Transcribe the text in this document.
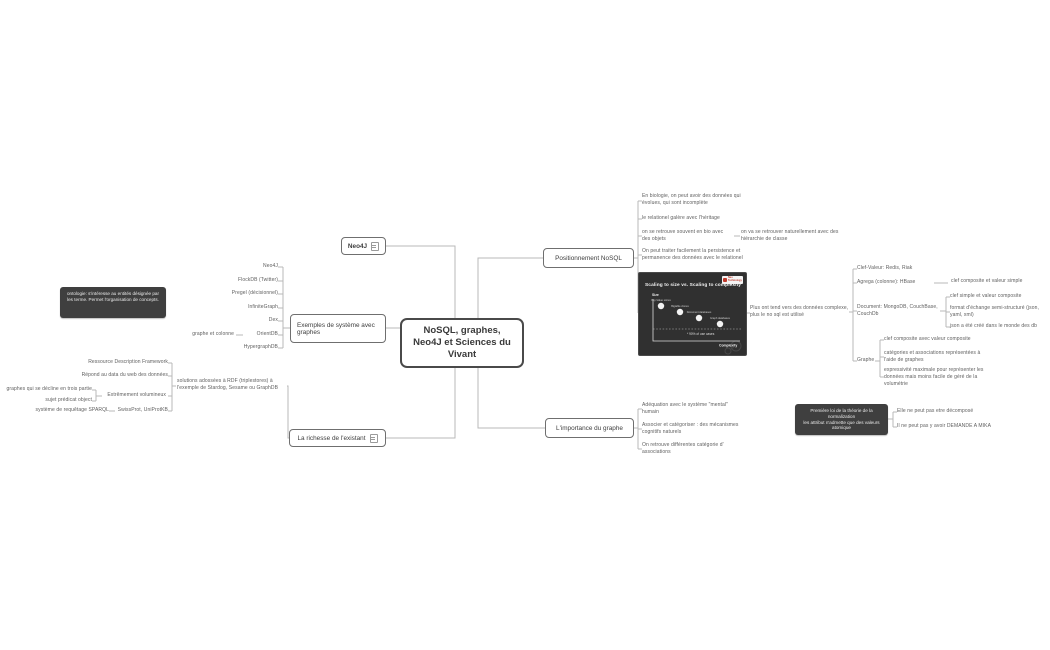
NoSQL, graphes, Neo4J et Sciences du Vivant
Neo4J
Exemples de système avec graphes
Neo4J
FlockDB (Twitter)
Pregel (décisionnel)
InfiniteGraph
Dex
OrientDB
HypergraphDB
graphe et colonne
ontologie: s'intéresse au entités désignée par les terme. Permet l'organisation de concepts.
La richesse de l'existant
solutions adossées à RDF (triplestores) à l'exemple de Stardog, Sesame ou GraphDB
Ressource Description Framework
Répond au data du web des données
Extrêmement volumineux
SwissProt, UniProtKB
graphes qui se décline en trois partie
sujet prédicat object
système de requêtage SPARQL
Positionnement NoSQL
En biologie, on peut avoir des données qui évolues, qui sont incomplète
le relationel galère avec l'héritage
on se retrouve souvent en bio avec des objets
on va se retrouver naturellement avec des hiérarchie de classe
On peut traiter facilement la persistence et permanence des données avec le relationel
Neo Technology
Scaling to size vs. Scaling to complexity
Size
Complexity
* 90% of use cases
Key-Value stores
Bigtable clones
Document databases
Graph databases
Plus ont tend vers des données complexe, plus le no sql est utilisé
Clef-Valeur: Redis, Riak
Agrega (colonne): HBase	clef composite et valeur simple
Document: MongoDB, CouchBase, CouchDb
clef simple et valeur composite
format d'échange semi-structuré (json, yaml, xml)
json a été créé dans le monde des db
Graphe
clef composite avec valeur composite
catégories et associations représentées à l'aide de graphes
expressivité maximale pour représenter les données mais moins facile de géré de la volumétrie
L'importance du graphe
Adéquation avec le système "mental" humain
Associer et catégoriser : des mécanismes cognitifs naturels
On retrouve différentes catégorie d' associations
Première loi de la théorie de la normalization
les attribut n'admette que des valeurs atomique
Elle ne peut pas etre décomposé
Il ne peut pas y avoir DEMANDE A MIKA
